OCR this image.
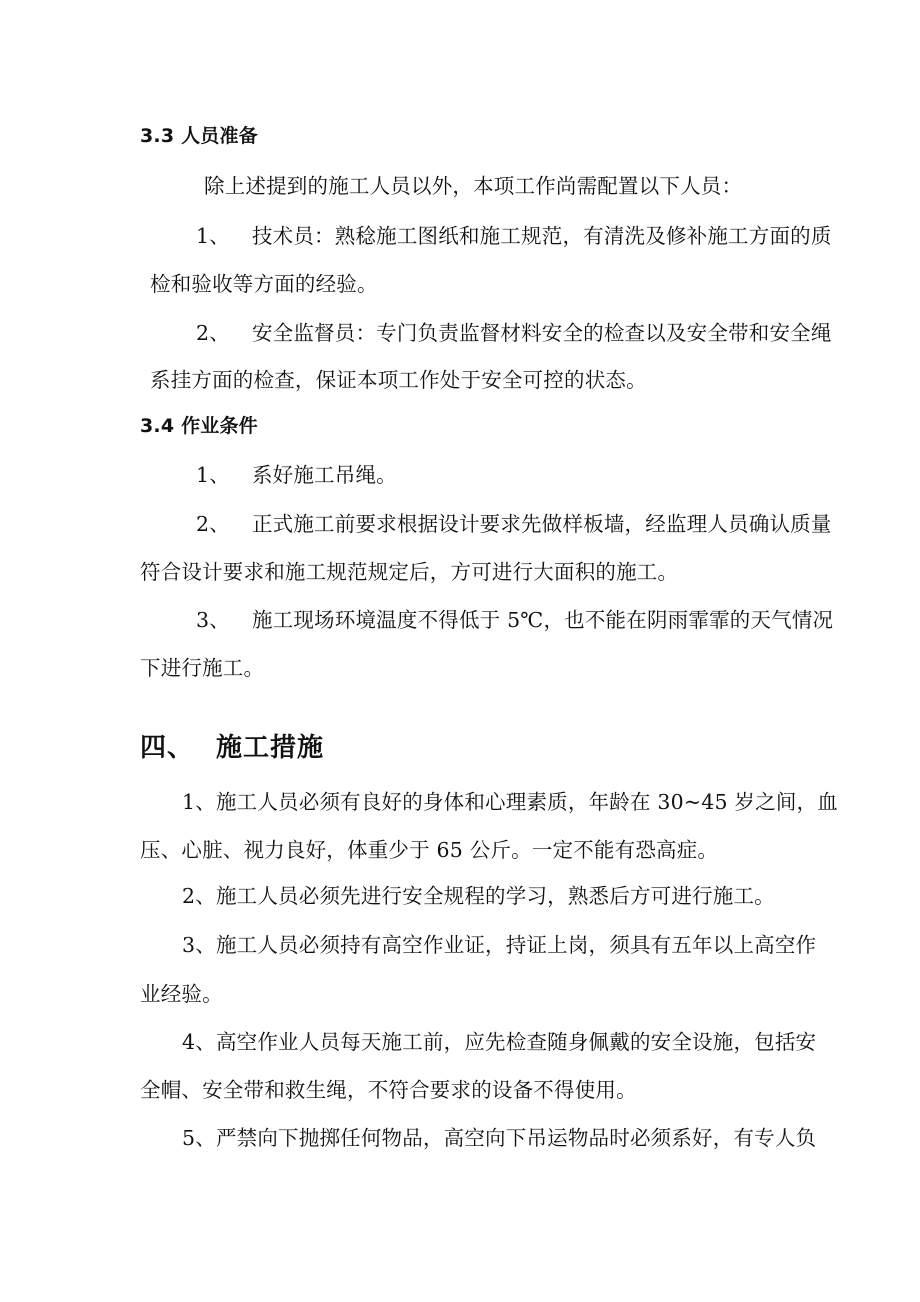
3.3 人员准备
除上述提到的施工人员以外，本项工作尚需配置以下人员：
1、 技术员：熟稔施工图纸和施工规范，有清洗及修补施工方面的质
检和验收等方面的经验。
2、 安全监督员：专门负责监督材料安全的检查以及安全带和安全绳
系挂方面的检查，保证本项工作处于安全可控的状态。
3.4 作业条件
1、 系好施工吊绳。
2、 正式施工前要求根据设计要求先做样板墙，经监理人员确认质量
符合设计要求和施工规范规定后，方可进行大面积的施工。
3、 施工现场环境温度不得低于 5℃，也不能在阴雨霏霏的天气情况
下进行施工。
四、 施工措施
1、施工人员必须有良好的身体和心理素质，年龄在 30~45 岁之间，血
压、心脏、视力良好，体重少于 65 公斤。一定不能有恐高症。
2、施工人员必须先进行安全规程的学习，熟悉后方可进行施工。
3、施工人员必须持有高空作业证，持证上岗，须具有五年以上高空作
业经验。
4、高空作业人员每天施工前，应先检查随身佩戴的安全设施，包括安
全帽、安全带和救生绳，不符合要求的设备不得使用。
5、严禁向下抛掷任何物品，高空向下吊运物品时必须系好，有专人负
